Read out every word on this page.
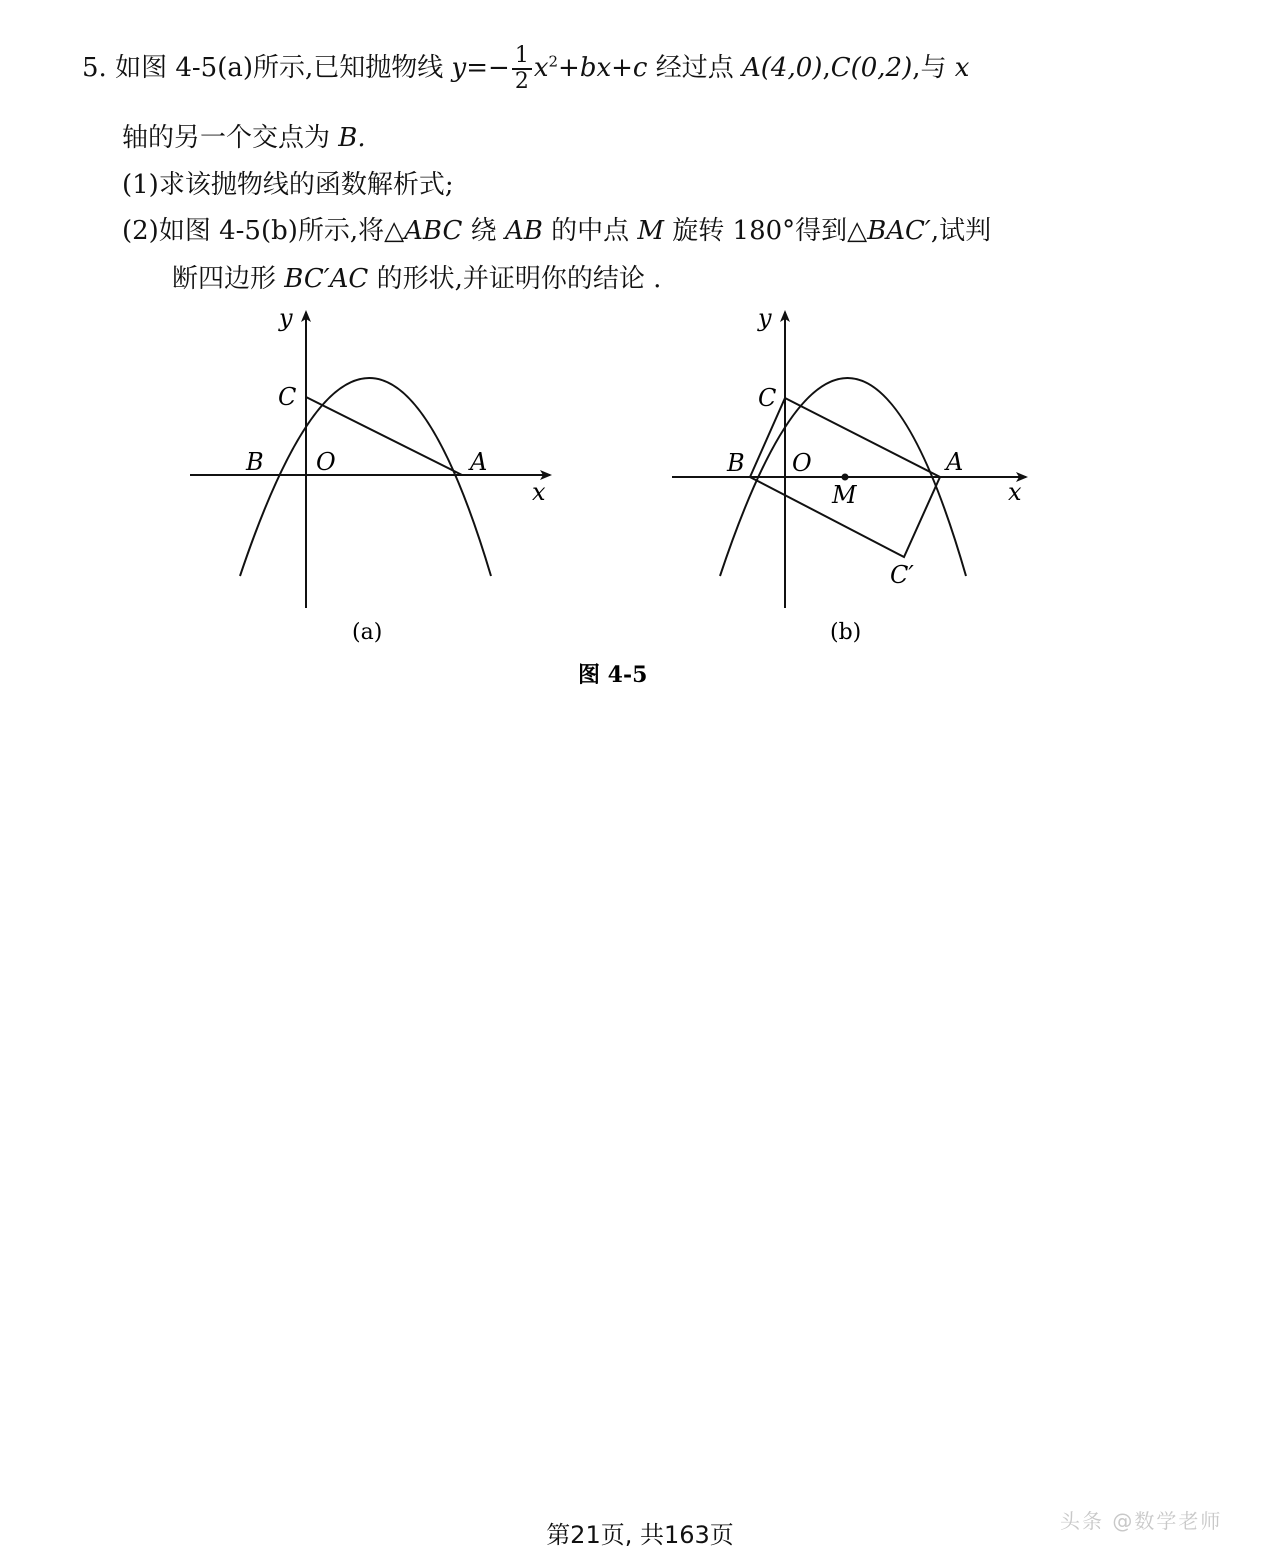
5. 如图 4-5(a)所示,已知抛物线 $y=- \frac{1}{2} x^2+bx+c$ 经过点 A(4,0),C(0,2),与 x
轴的另一个交点为 B.
(1)求该抛物线的函数解析式;
(2)如图 4-5(b)所示,将△ABC 绕 AB 的中点 M 旋转 180°得到△BAC′,试判
断四边形 BC′AC 的形状,并证明你的结论 .
y
C
B O	A
x
(a)
y
C
B O	A
x
M
C′
(b)
图 4-5
头条 @数学老师
第21页, 共163页
